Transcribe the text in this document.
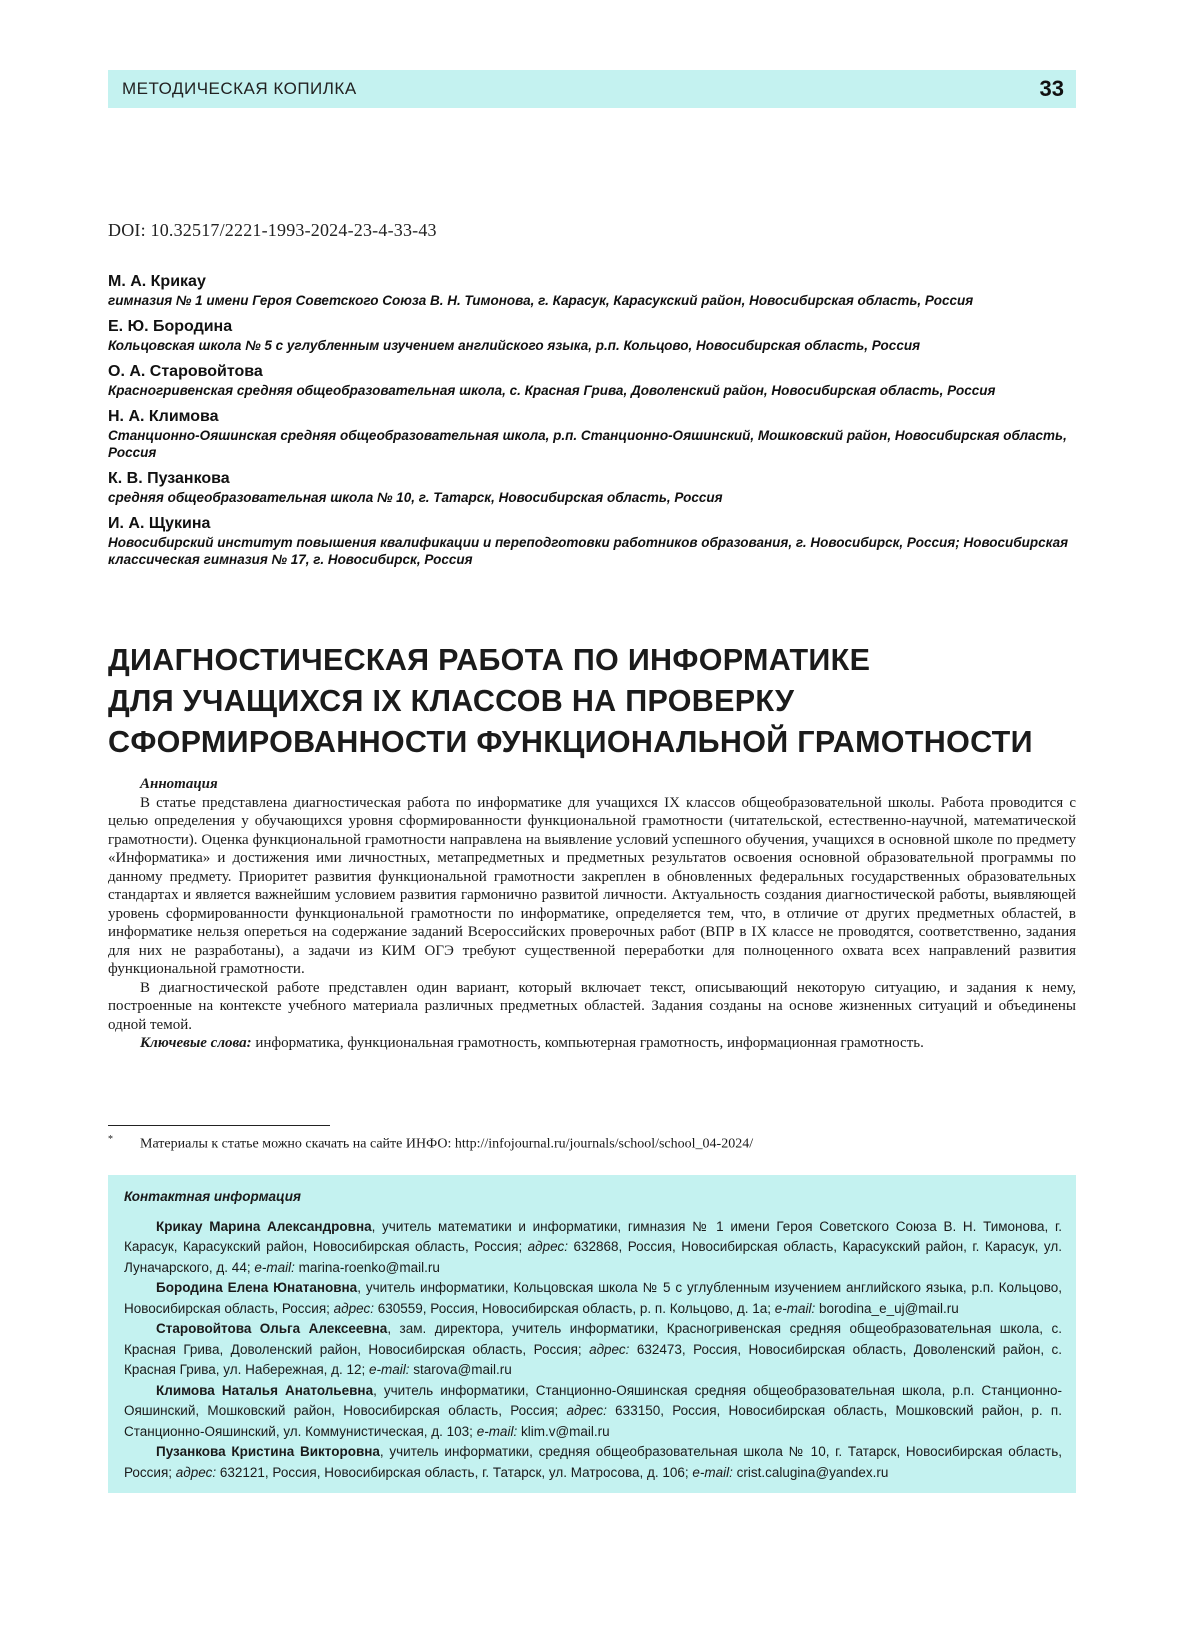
МЕТОДИЧЕСКАЯ КОПИЛКА	33
DOI: 10.32517/2221-1993-2024-23-4-33-43
М. А. Крикау
гимназия № 1 имени Героя Советского Союза В. Н. Тимонова, г. Карасук, Карасукский район, Новосибирская область, Россия
Е. Ю. Бородина
Кольцовская школа № 5 с углубленным изучением английского языка, р.п. Кольцово, Новосибирская область, Россия
О. А. Старовойтова
Красногривенская средняя общеобразовательная школа, с. Красная Грива, Доволенский район, Новосибирская область, Россия
Н. А. Климова
Станционно-Ояшинская средняя общеобразовательная школа, р.п. Станционно-Ояшинский, Мошковский район, Новосибирская область, Россия
К. В. Пузанкова
средняя общеобразовательная школа № 10, г. Татарск, Новосибирская область, Россия
И. А. Щукина
Новосибирский институт повышения квалификации и переподготовки работников образования, г. Новосибирск, Россия; Новосибирская классическая гимназия № 17, г. Новосибирск, Россия
ДИАГНОСТИЧЕСКАЯ РАБОТА ПО ИНФОРМАТИКЕ
ДЛЯ УЧАЩИХСЯ IX КЛАССОВ НА ПРОВЕРКУ
СФОРМИРОВАННОСТИ ФУНКЦИОНАЛЬНОЙ ГРАМОТНОСТИ
Аннотация

В статье представлена диагностическая работа по информатике для учащихся IX классов общеобразовательной школы. Работа проводится с целью определения у обучающихся уровня сформированности функциональной грамотности (читательской, естественно-научной, математической грамотности). Оценка функциональной грамотности направлена на выявление условий успешного обучения, учащихся в основной школе по предмету «Информатика» и достижения ими личностных, метапредметных и предметных результатов освоения основной образовательной программы по данному предмету. Приоритет развития функциональной грамотности закреплен в обновленных федеральных государственных образовательных стандартах и является важнейшим условием развития гармонично развитой личности. Актуальность создания диагностической работы, выявляющей уровень сформированности функциональной грамотности по информатике, определяется тем, что, в отличие от других предметных областей, в информатике нельзя опереться на содержание заданий Всероссийских проверочных работ (ВПР в IX классе не проводятся, соответственно, задания для них не разработаны), а задачи из КИМ ОГЭ требуют существенной переработки для полноценного охвата всех направлений развития функциональной грамотности.

В диагностической работе представлен один вариант, который включает текст, описывающий некоторую ситуацию, и задания к нему, построенные на контексте учебного материала различных предметных областей. Задания созданы на основе жизненных ситуаций и объединены одной темой.

Ключевые слова: информатика, функциональная грамотность, компьютерная грамотность, информационная грамотность.

* Материалы к статье можно скачать на сайте ИНФО: http://infojournal.ru/journals/school/school_04-2024/
Контактная информация

Крикау Марина Александровна, учитель математики и информатики, гимназия № 1 имени Героя Советского Союза В. Н. Тимонова, г. Карасук, Карасукский район, Новосибирская область, Россия; адрес: 632868, Россия, Новосибирская область, Карасукский район, г. Карасук, ул. Луначарского, д. 44; e-mail: marina-roenko@mail.ru

Бородина Елена Юнатановна, учитель информатики, Кольцовская школа № 5 с углубленным изучением английского языка, р.п. Кольцово, Новосибирская область, Россия; адрес: 630559, Россия, Новосибирская область, р. п. Кольцово, д. 1а; e-mail: borodina_e_uj@mail.ru

Старовойтова Ольга Алексеевна, зам. директора, учитель информатики, Красногривенская средняя общеобразовательная школа, с. Красная Грива, Доволенский район, Новосибирская область, Россия; адрес: 632473, Россия, Новосибирская область, Доволенский район, с. Красная Грива, ул. Набережная, д. 12; e-mail: starova@mail.ru

Климова Наталья Анатольевна, учитель информатики, Станционно-Ояшинская средняя общеобразовательная школа, р.п. Станционно-Ояшинский, Мошковский район, Новосибирская область, Россия; адрес: 633150, Россия, Новосибирская область, Мошковский район, р. п. Станционно-Ояшинский, ул. Коммунистическая, д. 103; e-mail: klim.v@mail.ru

Пузанкова Кристина Викторовна, учитель информатики, средняя общеобразовательная школа № 10, г. Татарск, Новосибирская область, Россия; адрес: 632121, Россия, Новосибирская область, г. Татарск, ул. Матросова, д. 106; e-mail: crist.calugina@yandex.ru
